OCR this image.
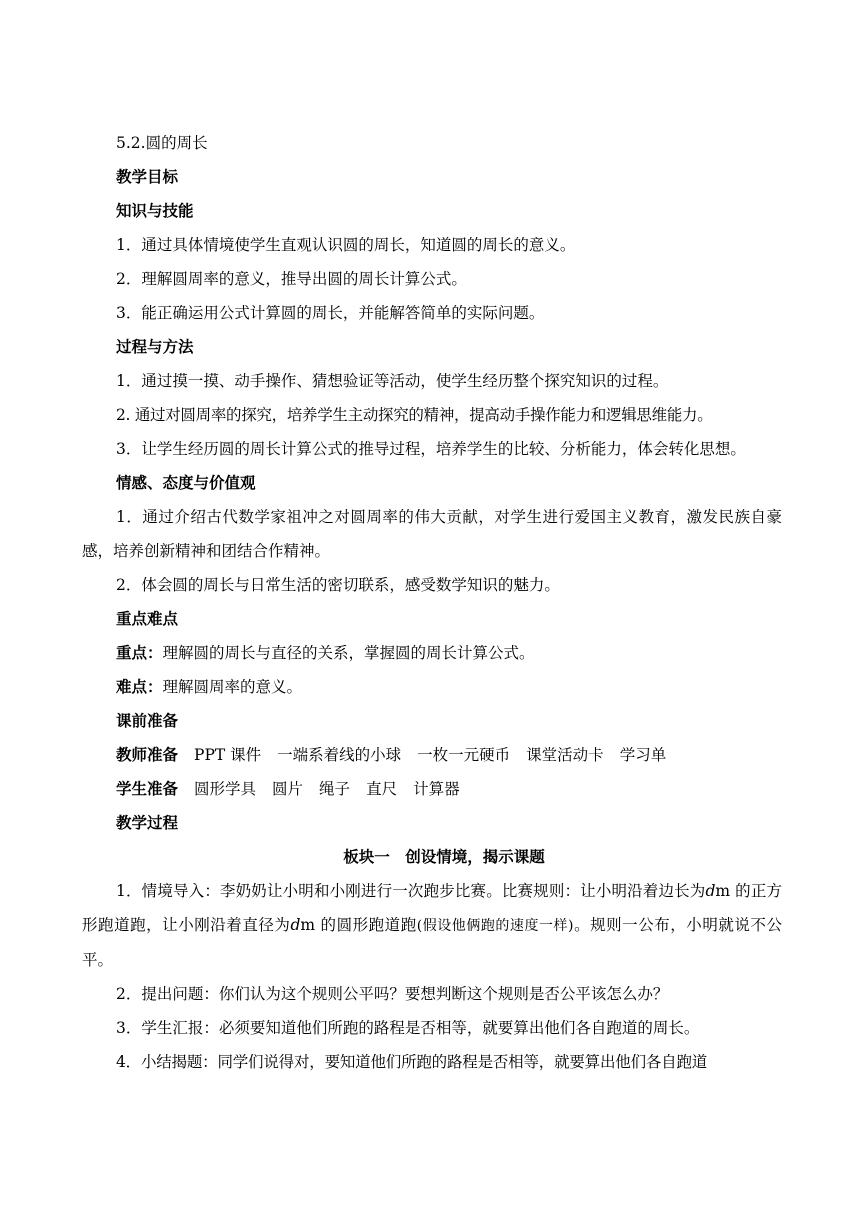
5.2.圆的周长
教学目标
知识与技能
1．通过具体情境使学生直观认识圆的周长，知道圆的周长的意义。
2．理解圆周率的意义，推导出圆的周长计算公式。
3．能正确运用公式计算圆的周长，并能解答简单的实际问题。
过程与方法
1．通过摸一摸、动手操作、猜想验证等活动，使学生经历整个探究知识的过程。
2. 通过对圆周率的探究，培养学生主动探究的精神，提高动手操作能力和逻辑思维能力。

3．让学生经历圆的周长计算公式的推导过程，培养学生的比较、分析能力，体会转化思想。

情感、态度与价值观

1．通过介绍古代数学家祖冲之对圆周率的伟大贡献，对学生进行爱国主义教育，激发民族自豪感，培养创新精神和团结合作精神。

2．体会圆的周长与日常生活的密切联系，感受数学知识的魅力。
重点难点
重点：理解圆的周长与直径的关系，掌握圆的周长计算公式。
难点：理解圆周率的意义。
课前准备
教师准备 PPT 课件 一端系着线的小球 一枚一元硬币 课堂活动卡 学习单
学生准备 圆形学具 圆片 绳子 直尺 计算器
教学过程
板块一　创设情境，揭示课题

1．情境导入：李奶奶让小明和小刚进行一次跑步比赛。比赛规则：让小明沿着边长为dm 的正方形跑道跑，让小刚沿着直径为dm 的圆形跑道跑(假设他俩跑的速度一样)。规则一公布，小明就说不公平。

2．提出问题：你们认为这个规则公平吗？要想判断这个规则是否公平该怎么办？
3．学生汇报：必须要知道他们所跑的路程是否相等，就要算出他们各自跑道的周长。
4．小结揭题：同学们说得对，要知道他们所跑的路程是否相等，就要算出他们各自跑道
